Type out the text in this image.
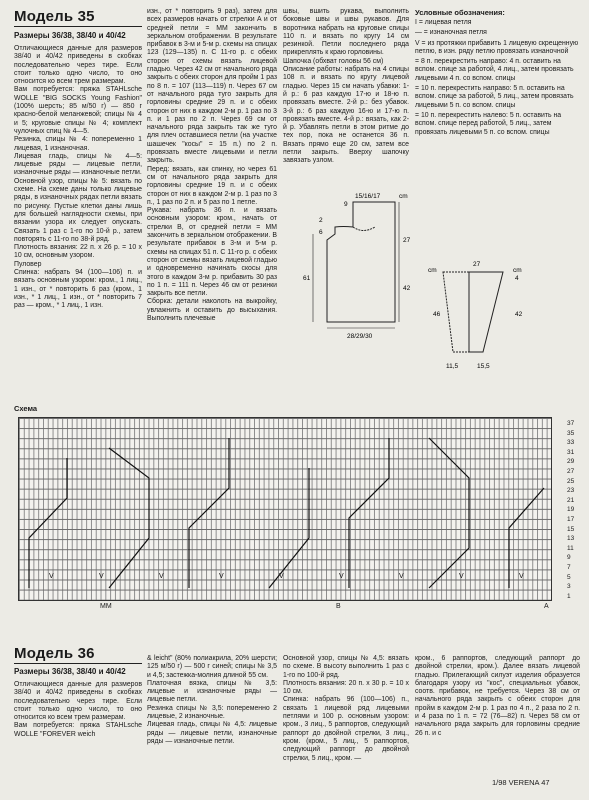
Модель 35
Размеры 36/38, 38/40 и 40/42

Отличающиеся данные для размеров 38/40 и 40/42 приведены в скобках последовательно через тире. Если стоит только одно число, то оно относится ко всем трем размерам.

Вам потребуется: пряжа STAHLsche WOLLE "BIG SOCKS Young Fashion" (100% шерсть; 85 м/50 г) — 850 г красно-белой меланжевой; спицы № 4 и 5; круговые спицы № 4; комплект чулочных спиц № 4—5.

Резинка, спицы № 4: попеременно 1 лицевая, 1 изнаночная.

Лицевая гладь, спицы № 4—5: лицевые ряды — лицевые петли, изнаночные ряды — изнаночные петли.

Основной узор, спицы № 5: вязать по схеме. На схеме даны только лицевые ряды, в изнаночных рядах петли вязать по рисунку. Пустые клетки даны лишь для большей наглядности схемы, при вязании узора их следует опускать. Связать 1 раз с 1-го по 10-й р., затем повторять с 11-го по 38-й ряд.

Плотность вязания: 22 п. х 26 р. = 10 х 10 см, основным узором.

Пуловер

Спинка: набрать 94 (100—106) п. и вязать основным узором: кром., 1 лиц., 1 изн., от * повторить 6 раз (кром., 1 изн., * 1 лиц., 1 изн., от * повторить 7 раз — кром., * 1 лиц., 1 изн.

изн., от * повторить 9 раз), затем для всех размеров начать от стрелки А и от средней петли = ММ закончить в зеркальном отображении. В результате прибавок в 3-м и 5-м р. схемы на спицах 123 (129—135) п. С 11-го р. с обеих сторон от схемы вязать лицевой гладью. Через 42 см от начального ряда закрыть с обеих сторон для пройм 1 раз по 8 п. = 107 (113—119) п. Через 67 см от начального ряда тугo закрыть для горловины средние 29 п. и с обеих сторон от них в каждом 2-м р. 1 раз по 3 п. и 1 раз по 2 п. Через 69 см от начального ряда закрыть так же туго для плеч оставшиеся петли (на участке шашечек "косы" = 15 п.) по 2 п. провязать вместе лицевыми и петли закрыть.

Перед: вязать, как спинку, но через 61 см от начального ряда закрыть для горловины средние 19 п. и с обеих сторон от них в каждом 2-м р. 1 раз по 3 п., 1 раз по 2 п. и 5 раз по 1 петле.

Рукава: набрать 36 п. и вязать основным узором: кром., начать от стрелки В, от средней петли = ММ закончить в зеркальном отображении. В результате прибавок в 3-м и 5-м р. схемы на спицах 51 п. С 11-го р. с обеих сторон от схемы вязать лицевой гладью и одновременно начинать скосы для этого в каждом 3-м р. прибавить 30 раз по 1 п. = 111 п. Через 46 см от резинки закрыть все петли.

Сборка: детали наколоть на выкройку, увлажнить и оставить до высыхания. Выполнить плечевые

швы, вшить рукава, выполнить боковые швы и швы рукавов. Для воротника набрать на круговые спицы 110 п. и вязать по кругу 14 см резинкой. Петли последнего ряда прикреплять к краю горловины.

Шапочка (обхват головы 56 см)

Описание работы: набрать на 4 спицы 108 п. и вязать по кругу лицевой гладью. Через 15 см начать убавки: 1-й р.: 6 раз каждую 17-ю и 18-ю п. провязать вместе. 2-й р.: без убавок. 3-й р.: 6 раз каждую 16-ю и 17-ю п. провязать вместе. 4-й р.: вязать, как 2-й р. Убавлять петли в этом ритме до тех пор, пока не останется 36 п. Вязать прямо еще 20 см, затем все петли закрыть. Вверху шапочку завязать узлом.

Условные обозначения:
I = лицевая петля
— = изнаночная петля
V = из протяжки прибавить 1 лицевую скрещенную петлю, в изн. ряду петлю провязать изнаночной
= 8 п. перекрестить направо: 4 п. оставить на вспом. спице за работой, 4 лиц., затем провязать лицевыми 4 п. со вспом. спицы
= 10 п. перекрестить направо: 5 п. оставить на вспом. спице за работой, 5 лиц., затем провязать лицевыми 5 п. со вспом. спицы
= 10 п. перекрестить налево: 5 п. оставить на вспом. спице перед работой, 5 лиц., затем провязать лицевыми 5 п. со вспом. спицы
9
15/16/17	cm
2
6
27
42
61
28/29/30
cm
27
cm
4
46	42
11,5	15,5
Схема
V	V	V	V	V	V	V	V	V
37
35
33
31
29
27
25
23
21
19
17
15
13
11
9
7
5
3
1
ММ	В	А
Модель 36
Размеры 36/38, 38/40 и 40/42

Отличающиеся данные для размеров 38/40 и 40/42 приведены в скобках последовательно через тире. Если стоит только одно число, то оно относится ко всем трем размерам.

Вам потребуется: пряжа STAHLsche WOLLE "FOREVER weich

& leicht" (80% полиакрила, 20% шерсти; 125 м/50 г) — 500 г синей; спицы № 3,5 и 4,5; застежка-молния длиной 55 см.

Платочная вязка, спицы № 3,5: лицевые и изнаночные ряды — лицевые петли.

Резинка спицы № 3,5: попеременно 2 лицевые, 2 изнаночные.

Лицевая гладь, спицы № 4,5: лицевые ряды — лицевые петли, изнаночные ряды — изнаночные петли.

Основной узор, спицы № 4,5: вязать по схеме. В высоту выполнить 1 раз с 1-го по 100-й ряд.

Плотность вязания: 20 п. х 30 р. = 10 х 10 см.

Спинка: набрать 96 (100—106) п., связать 1 лицевой ряд лицевыми петлями и 100 р. основным узором: кром., 3 лиц., 5 раппортов, следующий раппорт до двойной стрелки, 3 лиц., кром. (кром., 5 лиц., 5 раппортов, следующий раппорт до двойной стрелки, 5 лиц., кром. —

кром., 6 раппортов, следующий раппорт до двойной стрелки, кром.). Далее вязать лицевой гладью. Прилегающий силуэт изделия образуется благодаря узору из "кос", специальных убавок, соотв. прибавок, не требуется. Через 38 см от начального ряда закрыть с обеих сторон для пройм в каждом 2-м р. 1 раз по 4 п., 2 раза по 2 п. и 4 раза по 1 п. = 72 (76—82) п. Через 58 см от начального ряда закрыть для горловины средние 26 п. и с

1/98 VERENA 47
